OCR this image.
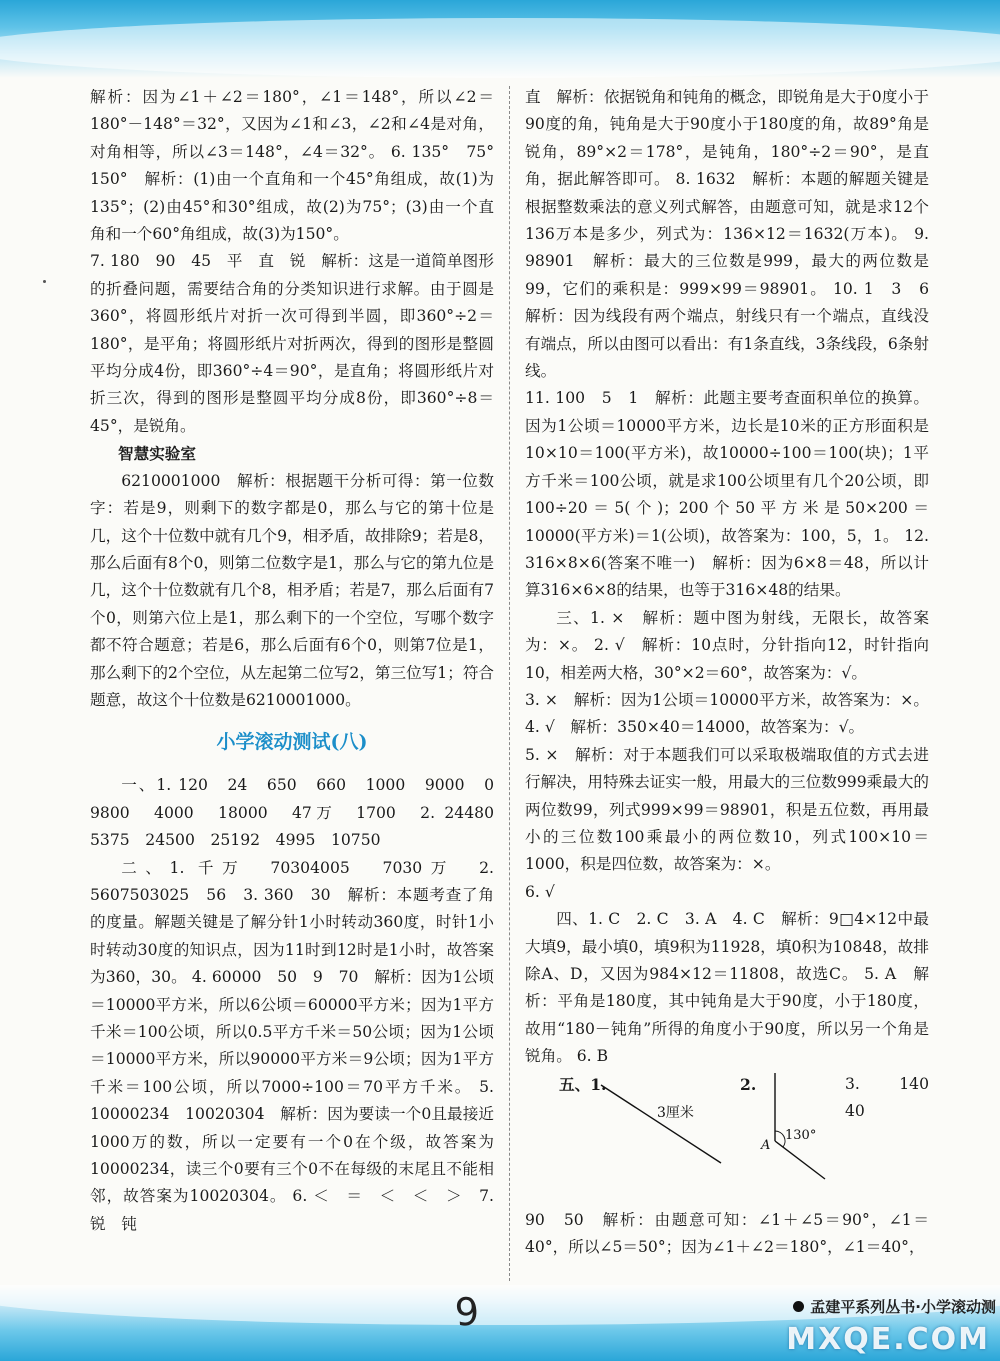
解析：因为∠1＋∠2＝180°，∠1＝148°，所以∠2＝180°－148°＝32°，又因为∠1和∠3，∠2和∠4是对角，对角相等，所以∠3＝148°，∠4＝32°。 6. 135°　75°　150°　解析：(1)由一个直角和一个45°角组成，故(1)为135°；(2)由45°和30°组成，故(2)为75°；(3)由一个直角和一个60°角组成，故(3)为150°。

7. 180　90　45　平　直　锐　解析：这是一道简单图形的折叠问题，需要结合角的分类知识进行求解。由于圆是360°，将圆形纸片对折一次可得到半圆，即360°÷2＝180°，是平角；将圆形纸片对折两次，得到的图形是整圆平均分成4份，即360°÷4＝90°，是直角；将圆形纸片对折三次，得到的图形是整圆平均分成8份，即360°÷8＝45°，是锐角。

智慧实验室

6210001000　解析：根据题干分析可得：第一位数字：若是9，则剩下的数字都是0，那么与它的第十位是几，这个十位数中就有几个9，相矛盾，故排除9；若是8，那么后面有8个0，则第二位数字是1，那么与它的第九位是几，这个十位数就有几个8，相矛盾；若是7，那么后面有7个0，则第六位上是1，那么剩下的一个空位，写哪个数字都不符合题意；若是6，那么后面有6个0，则第7位是1，那么剩下的2个空位，从左起第二位写2，第三位写1；符合题意，故这个十位数是6210001000。

小学滚动测试(八)

一、1. 120　24　650　660　1000　9000　0　9800　4000　18000　47万　1700　2. 24480　5375　24500　25192　4995　10750

二、1. 千万　70304005　7030万　2. 5607503025　56　3. 360　30　解析：本题考查了角的度量。解题关键是了解分针1小时转动360度，时针1小时转动30度的知识点，因为11时到12时是1小时，故答案为360，30。 4. 60000　50　9　70　解析：因为1公顷＝10000平方米，所以6公顷＝60000平方米；因为1平方千米＝100公顷，所以0.5平方千米＝50公顷；因为1公顷＝10000平方米，所以90000平方米＝9公顷；因为1平方千米＝100公顷，所以7000÷100＝70平方千米。 5. 10000234　10020304　解析：因为要读一个0且最接近1000万的数，所以一定要有一个0在个级，故答案为10000234，读三个0要有三个0不在每级的末尾且不能相邻，故答案为10020304。 6. ＜　＝　＜　＜　＞　7. 锐　钝

直　解析：依据锐角和钝角的概念，即锐角是大于0度小于90度的角，钝角是大于90度小于180度的角，故89°角是锐角，89°×2＝178°，是钝角，180°÷2＝90°，是直角，据此解答即可。 8. 1632　解析：本题的解题关键是根据整数乘法的意义列式解答，由题意可知，就是求12个136万本是多少，列式为：136×12＝1632(万本)。 9. 98901　解析：最大的三位数是999，最大的两位数是99，它们的乘积是：999×99＝98901。 10. 1　3　6　解析：因为线段有两个端点，射线只有一个端点，直线没有端点，所以由图可以看出：有1条直线，3条线段，6条射线。

11. 100　5　1　解析：此题主要考查面积单位的换算。因为1公顷＝10000平方米，边长是10米的正方形面积是10×10＝100(平方米)，故10000÷100＝100(块)；1平方千米＝100公顷，就是求100公顷里有几个20公顷，即100÷20＝5(个)；200个50平方米是50×200＝10000(平方米)＝1(公顷)，故答案为：100，5，1。 12. 316×8×6(答案不唯一)　解析：因为6×8＝48，所以计算316×6×8的结果，也等于316×48的结果。

三、1. ×　解析：题中图为射线，无限长，故答案为：×。 2. √　解析：10点时，分针指向12，时针指向10，相差两大格，30°×2＝60°，故答案为：√。

3. ×　解析：因为1公顷＝10000平方米，故答案为：×。 4. √　解析：350×40＝14000，故答案为：√。

5. ×　解析：对于本题我们可以采取极端取值的方式去进行解决，用特殊去证实一般，用最大的三位数999乘最大的两位数99，列式999×99＝98901，积是五位数，再用最小的三位数100乘最小的两位数10，列式100×10＝1000，积是四位数，故答案为：×。

6. √

四、1. C　2. C　3. A　4. C　解析：9□4×12中最大填9，最小填0，填9积为11928，填0积为10848，故排除A、D，又因为984×12＝11808，故选C。 5. A　解析：平角是180度，其中钝角是大于90度，小于180度，故用“180－钝角”所得的角度小于90度，所以另一个角是锐角。 6. B

五、1.
3厘米
2.
A
130°
3. 140　40

90　50　解析：由题意可知：∠1＋∠5＝90°，∠1＝40°，所以∠5＝50°；因为∠1＋∠2＝180°，∠1＝40°，

9	孟建平系列丛书·小学滚动测
MXQE.COM
